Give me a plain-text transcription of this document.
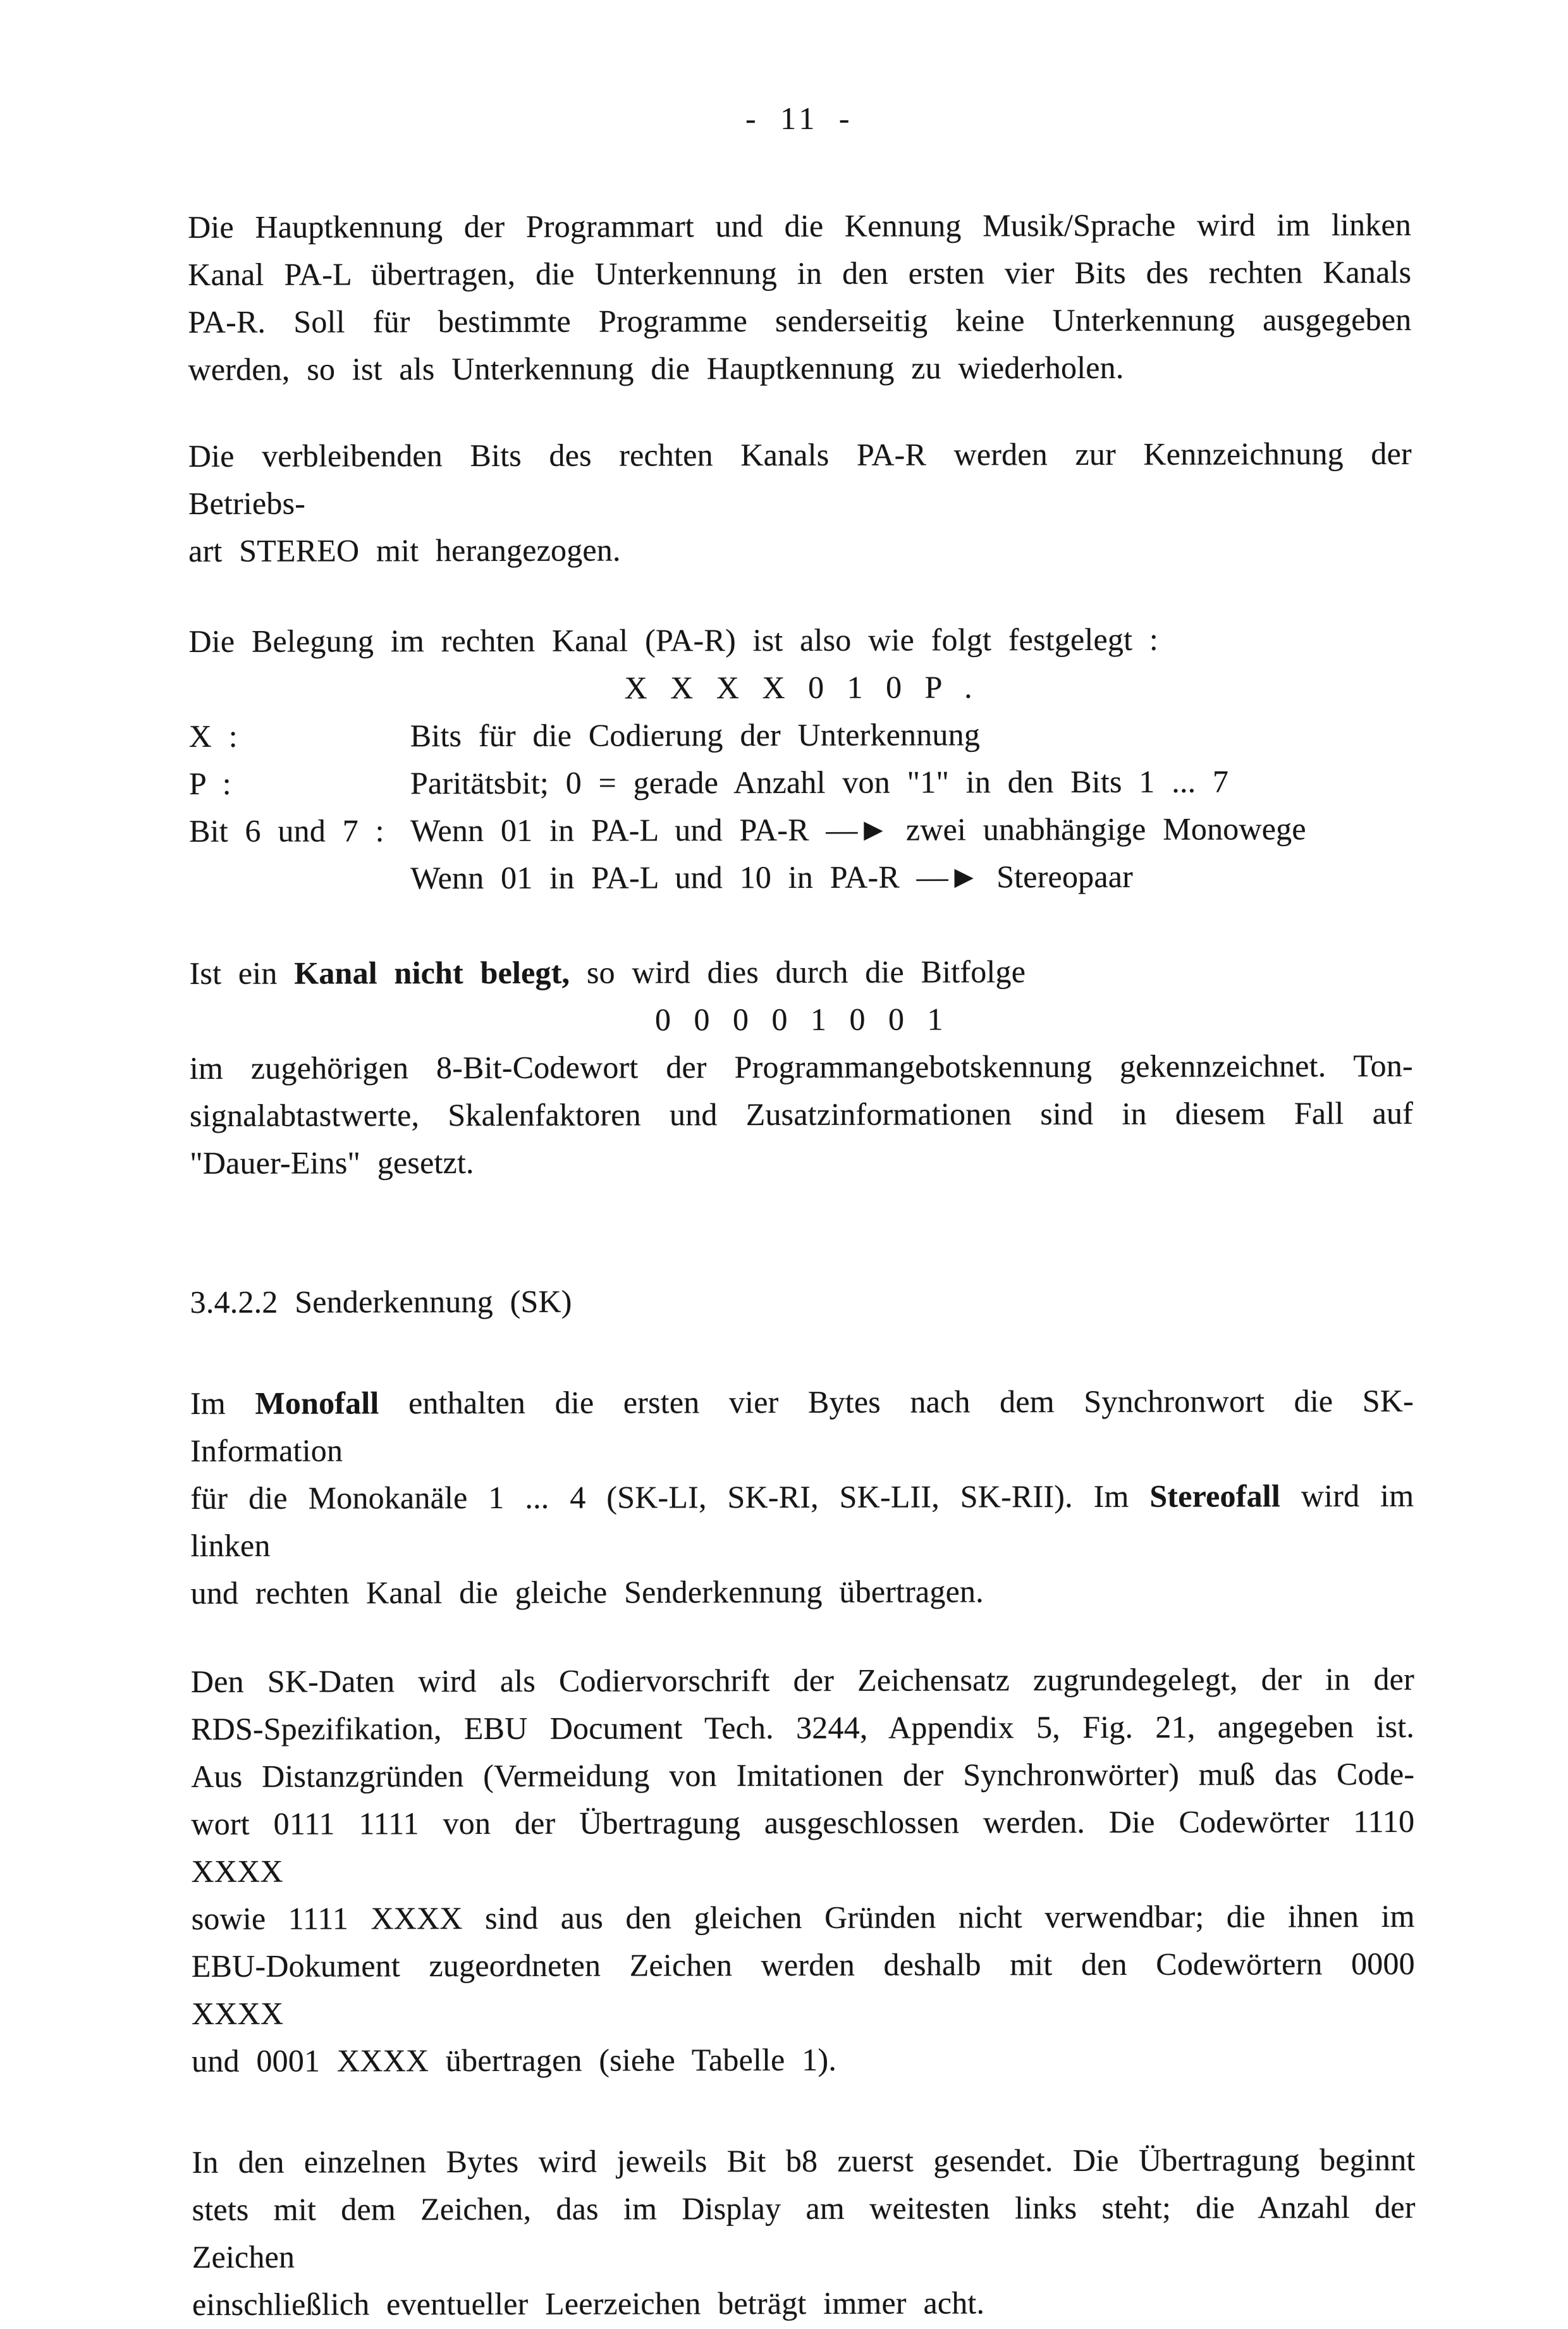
- 11 -
Die Hauptkennung der Programmart und die Kennung Musik/Sprache wird im linken
Kanal PA-L übertragen, die Unterkennung in den ersten vier Bits des rechten Kanals
PA-R. Soll für bestimmte Programme senderseitig keine Unterkennung ausgegeben
werden, so ist als Unterkennung die Hauptkennung zu wiederholen.
Die verbleibenden Bits des rechten Kanals PA-R werden zur Kennzeichnung der Betriebs-
art STEREO mit herangezogen.
Die Belegung im rechten Kanal (PA-R) ist also wie folgt festgelegt :
X X X X 0 1 0 P .
X :	Bits für die Codierung der Unterkennung
P :	Paritätsbit; 0 = gerade Anzahl von "1" in den Bits 1 ... 7
Bit 6 und 7 : Wenn 01 in PA-L und PA-R —► zwei unabhängige Monowege
Wenn 01 in PA-L und 10 in PA-R —► Stereopaar
Ist ein Kanal nicht belegt, so wird dies durch die Bitfolge
0 0 0 0 1 0 0 1
im zugehörigen 8-Bit-Codewort der Programmangebotskennung gekennzeichnet. Ton-
signalabtastwerte, Skalenfaktoren und Zusatzinformationen sind in diesem Fall auf
"Dauer-Eins" gesetzt.
3.4.2.2 Senderkennung (SK)
Im Monofall enthalten die ersten vier Bytes nach dem Synchronwort die SK-Information
für die Monokanäle 1 ... 4 (SK-LI, SK-RI, SK-LII, SK-RII). Im Stereofall wird im linken
und rechten Kanal die gleiche Senderkennung übertragen.
Den SK-Daten wird als Codiervorschrift der Zeichensatz zugrundegelegt, der in der
RDS-Spezifikation, EBU Document Tech. 3244, Appendix 5, Fig. 21, angegeben ist.
Aus Distanzgründen (Vermeidung von Imitationen der Synchronwörter) muß das Code-
wort 0111 1111 von der Übertragung ausgeschlossen werden. Die Codewörter 1110 XXXX
sowie 1111 XXXX sind aus den gleichen Gründen nicht verwendbar; die ihnen im
EBU-Dokument zugeordneten Zeichen werden deshalb mit den Codewörtern 0000 XXXX
und 0001 XXXX übertragen (siehe Tabelle 1).
In den einzelnen Bytes wird jeweils Bit b8 zuerst gesendet. Die Übertragung beginnt
stets mit dem Zeichen, das im Display am weitesten links steht; die Anzahl der Zeichen
einschließlich eventueller Leerzeichen beträgt immer acht.
